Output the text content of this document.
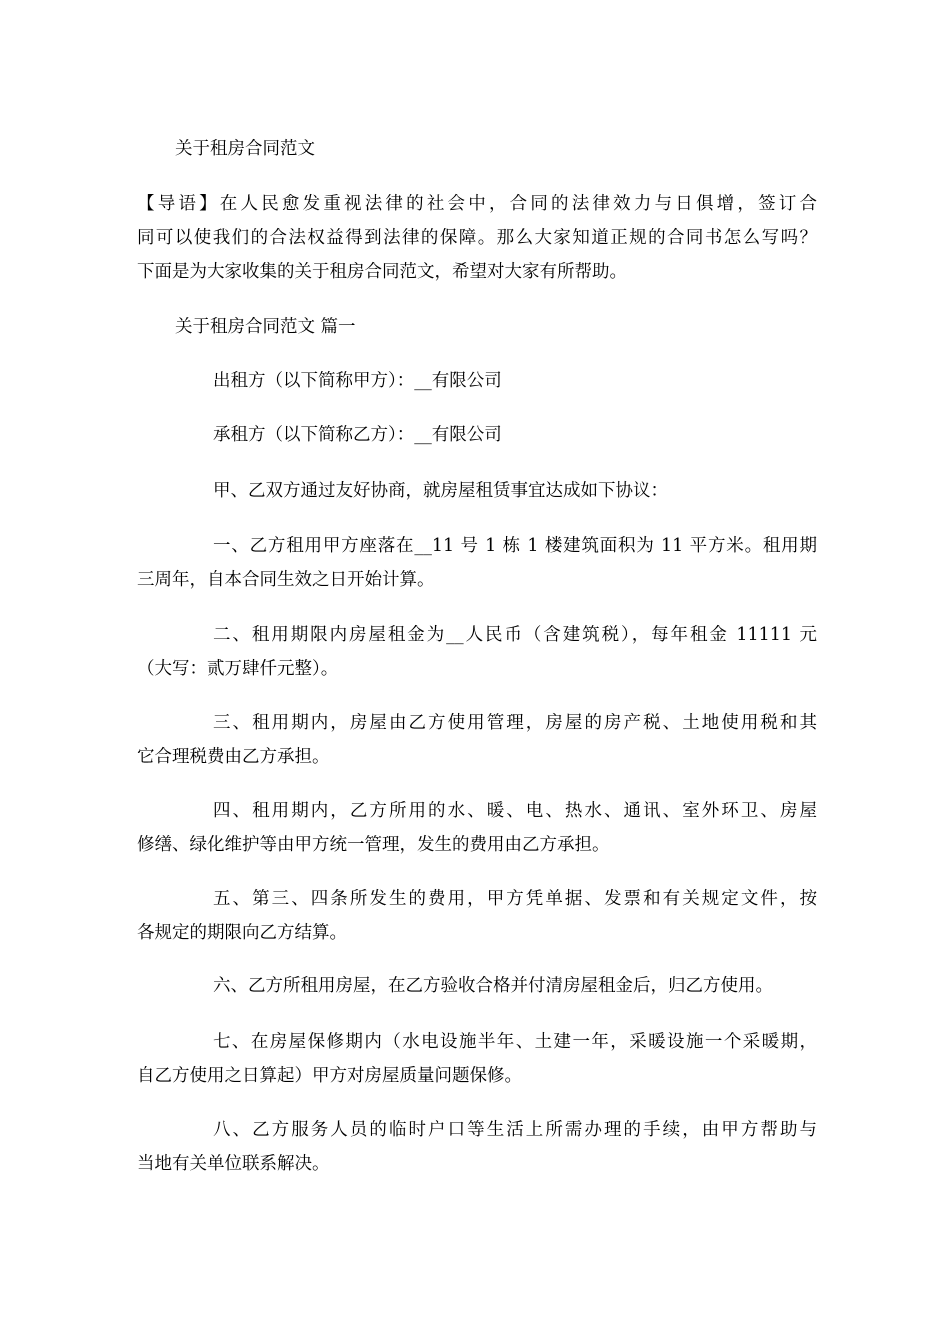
关于租房合同范文
【导语】在人民愈发重视法律的社会中，合同的法律效力与日俱增，签订合
同可以使我们的合法权益得到法律的保障。那么大家知道正规的合同书怎么写吗？
下面是为大家收集的关于租房合同范文，希望对大家有所帮助。
关于租房合同范文 篇一
出租方（以下简称甲方）：__有限公司
承租方（以下简称乙方）：__有限公司
甲、乙双方通过友好协商，就房屋租赁事宜达成如下协议：
一、乙方租用甲方座落在__11 号 1 栋 1 楼建筑面积为 11 平方米。租用期
三周年，自本合同生效之日开始计算。
二、租用期限内房屋租金为__人民币（含建筑税），每年租金 11111 元
（大写：贰万肆仟元整）。
三、租用期内，房屋由乙方使用管理，房屋的房产税、土地使用税和其
它合理税费由乙方承担。
四、租用期内，乙方所用的水、暖、电、热水、通讯、室外环卫、房屋
修缮、绿化维护等由甲方统一管理，发生的费用由乙方承担。
五、第三、四条所发生的费用，甲方凭单据、发票和有关规定文件，按
各规定的期限向乙方结算。
六、乙方所租用房屋，在乙方验收合格并付清房屋租金后，归乙方使用。
七、在房屋保修期内（水电设施半年、土建一年，采暖设施一个采暖期，
自乙方使用之日算起）甲方对房屋质量问题保修。
八、乙方服务人员的临时户口等生活上所需办理的手续，由甲方帮助与
当地有关单位联系解决。
